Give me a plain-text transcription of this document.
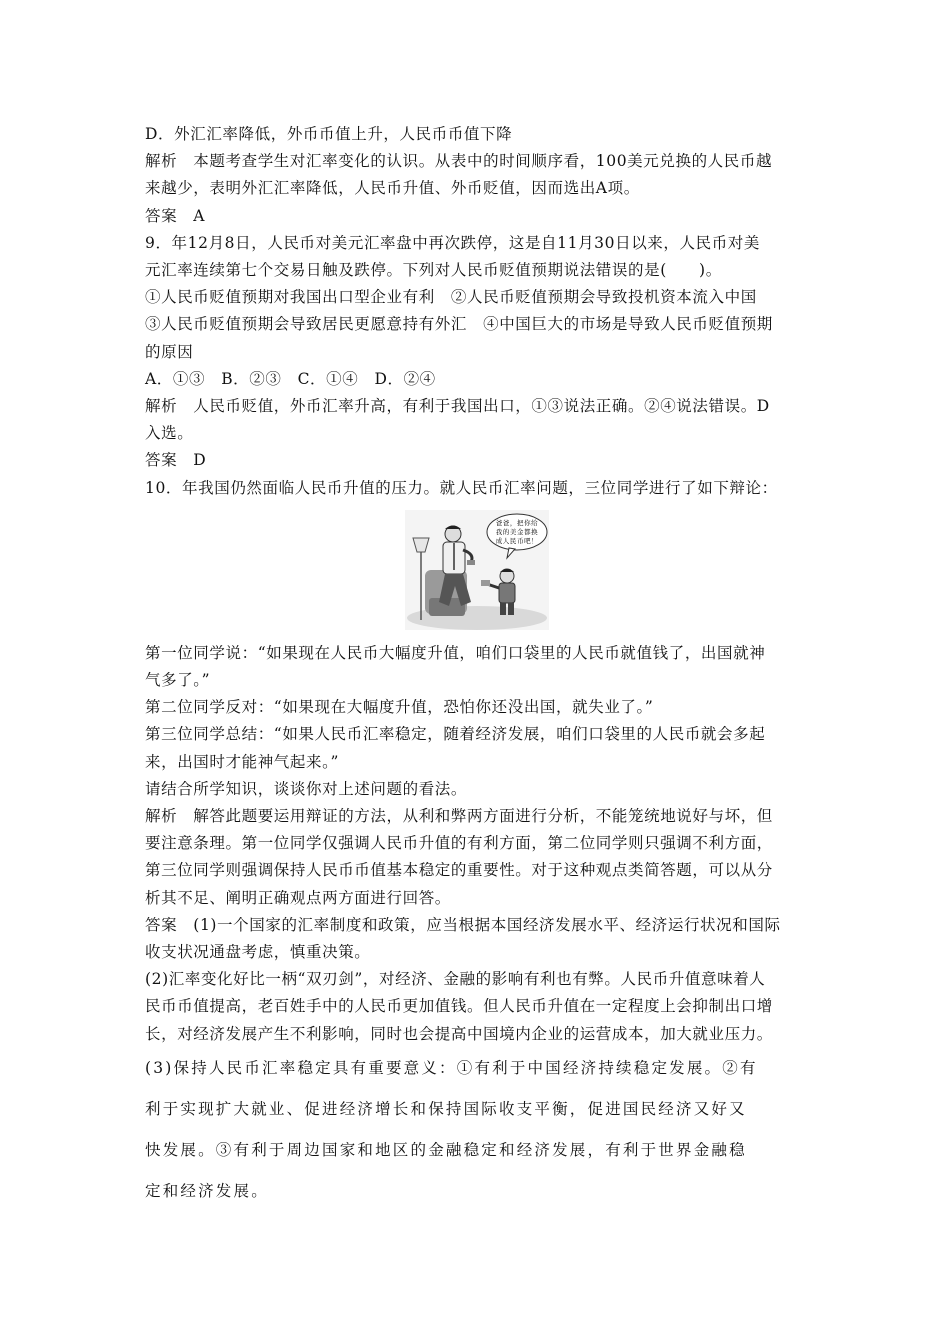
D．外汇汇率降低，外币币值上升，人民币币值下降

解析　本题考查学生对汇率变化的认识。从表中的时间顺序看，100美元兑换的人民币越

来越少，表明外汇汇率降低，人民币升值、外币贬值，因而选出A项。

答案　A

9．年12月8日，人民币对美元汇率盘中再次跌停，这是自11月30日以来，人民币对美

元汇率连续第七个交易日触及跌停。下列对人民币贬值预期说法错误的是(　　)。

①人民币贬值预期对我国出口型企业有利　②人民币贬值预期会导致投机资本流入中国

③人民币贬值预期会导致居民更愿意持有外汇　④中国巨大的市场是导致人民币贬值预期

的原因

A．①③　B．②③　C．①④　D．②④

解析　人民币贬值，外币汇率升高，有利于我国出口，①③说法正确。②④说法错误。D

入选。

答案　D

10．年我国仍然面临人民币升值的压力。就人民币汇率问题，三位同学进行了如下辩论：

爸爸，把你给
我的美金都换
成人民币吧！

第一位同学说：“如果现在人民币大幅度升值，咱们口袋里的人民币就值钱了，出国就神

气多了。”

第二位同学反对：“如果现在大幅度升值，恐怕你还没出国，就失业了。”

第三位同学总结：“如果人民币汇率稳定，随着经济发展，咱们口袋里的人民币就会多起

来，出国时才能神气起来。”

请结合所学知识，谈谈你对上述问题的看法。

解析　解答此题要运用辩证的方法，从利和弊两方面进行分析，不能笼统地说好与坏，但

要注意条理。第一位同学仅强调人民币升值的有利方面，第二位同学则只强调不利方面，

第三位同学则强调保持人民币币值基本稳定的重要性。对于这种观点类简答题，可以从分

析其不足、阐明正确观点两方面进行回答。

答案　(1)一个国家的汇率制度和政策，应当根据本国经济发展水平、经济运行状况和国际

收支状况通盘考虑，慎重决策。

(2)汇率变化好比一柄“双刃剑”，对经济、金融的影响有利也有弊。人民币升值意味着人

民币币值提高，老百姓手中的人民币更加值钱。但人民币升值在一定程度上会抑制出口增

长，对经济发展产生不利影响，同时也会提高中国境内企业的运营成本，加大就业压力。

(3)保持人民币汇率稳定具有重要意义：①有利于中国经济持续稳定发展。②有

利于实现扩大就业、促进经济增长和保持国际收支平衡，促进国民经济又好又

快发展。③有利于周边国家和地区的金融稳定和经济发展，有利于世界金融稳

定和经济发展。
